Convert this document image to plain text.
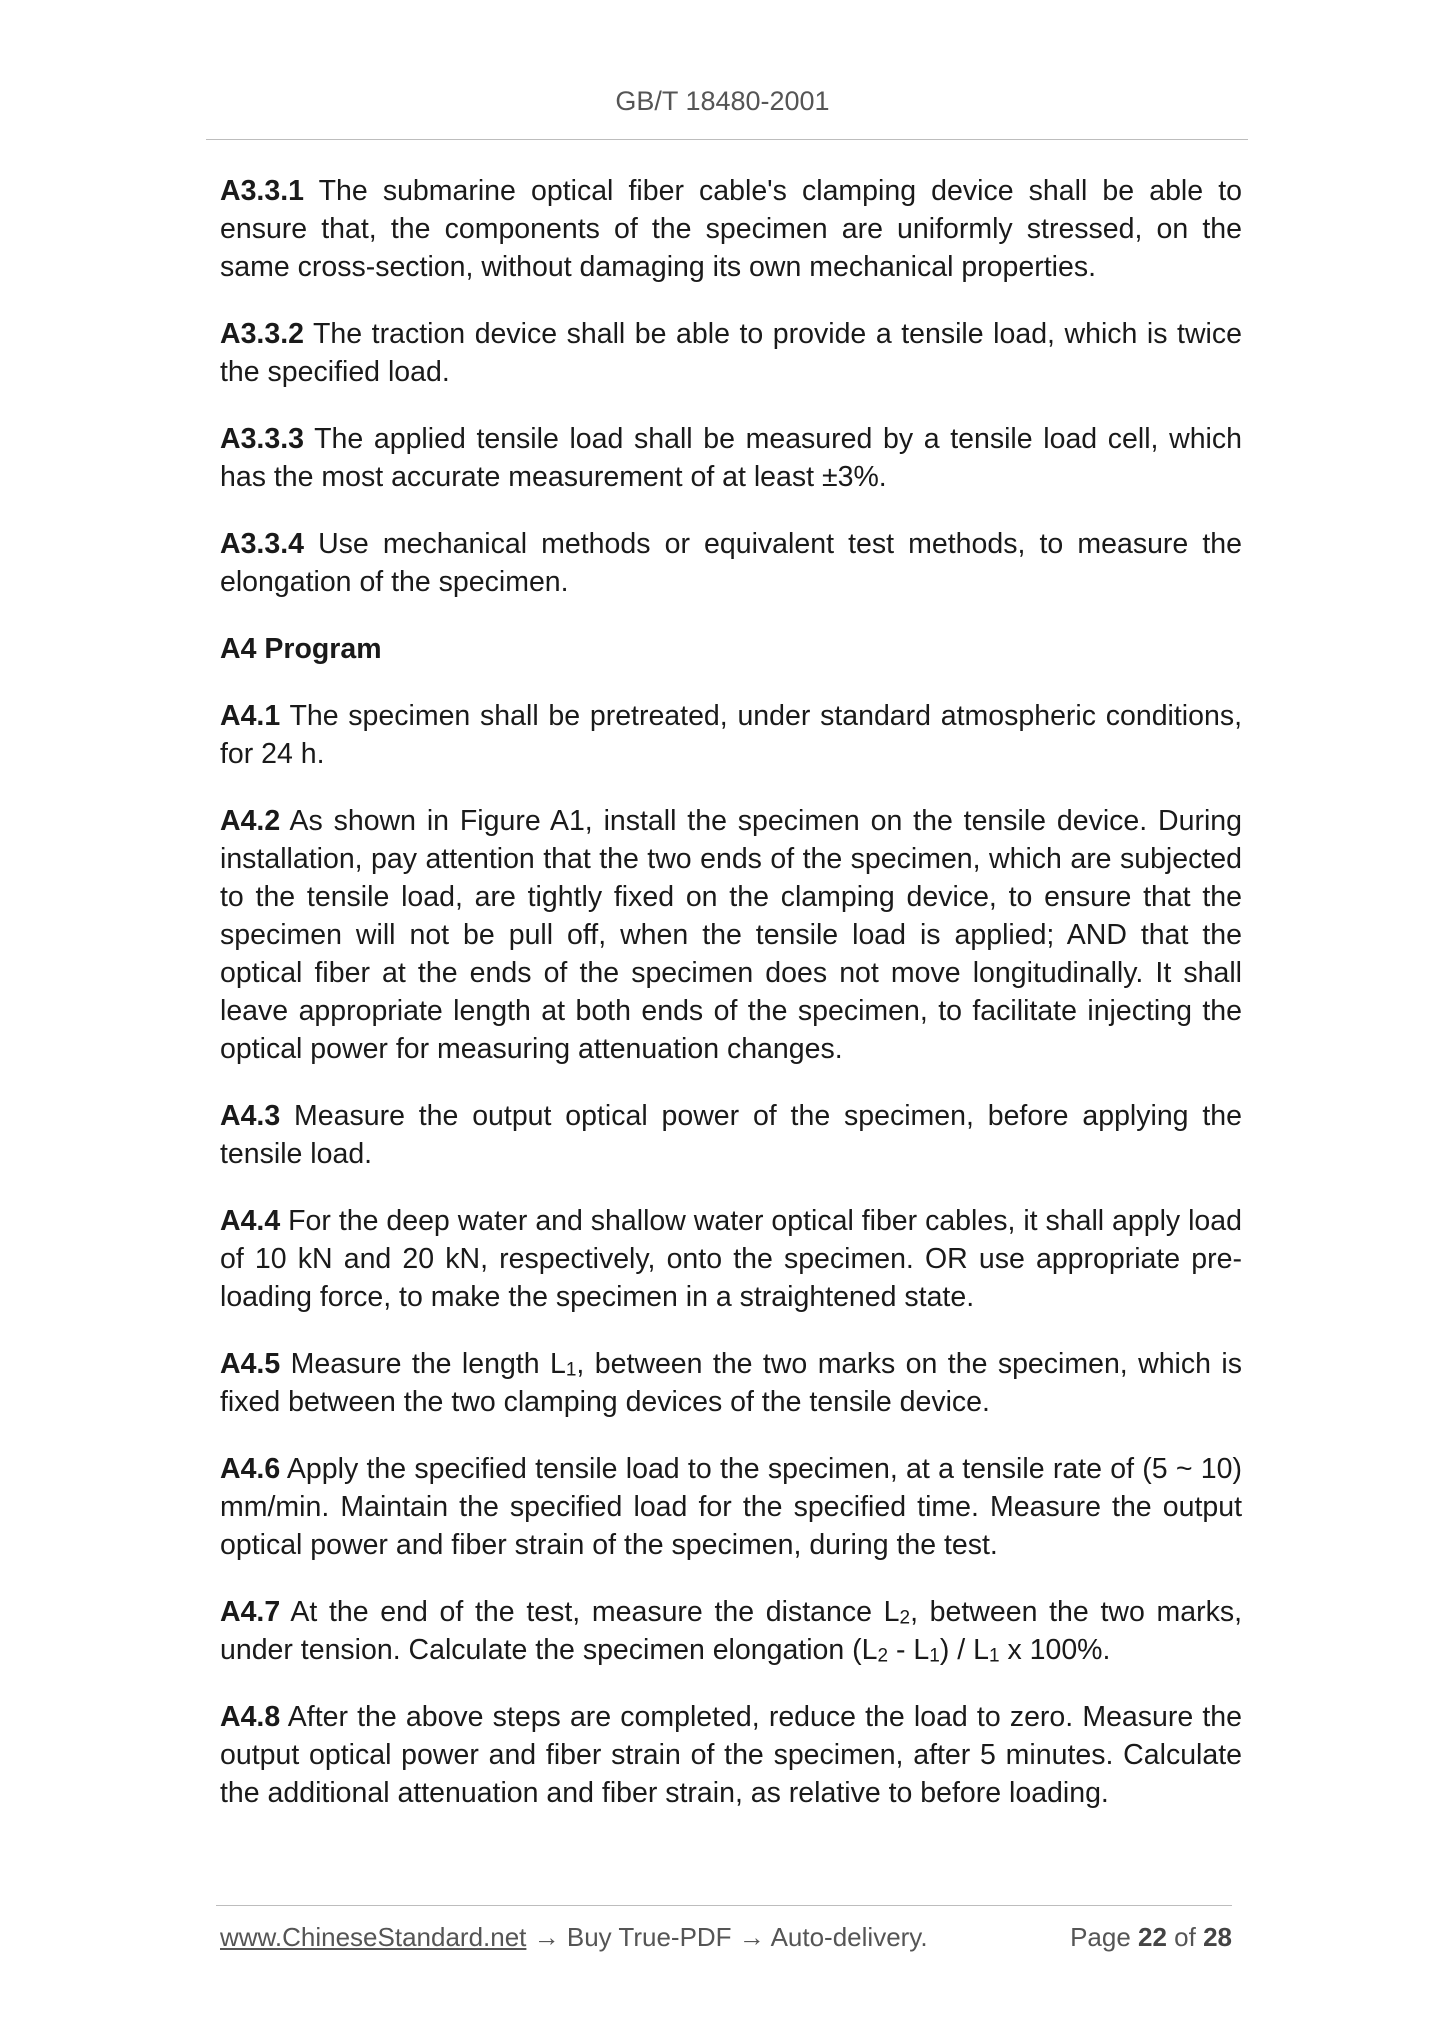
GB/T 18480-2001

A3.3.1 The submarine optical fiber cable's clamping device shall be able to ensure that, the components of the specimen are uniformly stressed, on the same cross-section, without damaging its own mechanical properties.

A3.3.2 The traction device shall be able to provide a tensile load, which is twice the specified load.

A3.3.3 The applied tensile load shall be measured by a tensile load cell, which has the most accurate measurement of at least ±3%.

A3.3.4 Use mechanical methods or equivalent test methods, to measure the elongation of the specimen.

A4 Program

A4.1 The specimen shall be pretreated, under standard atmospheric conditions, for 24 h.

A4.2 As shown in Figure A1, install the specimen on the tensile device. During installation, pay attention that the two ends of the specimen, which are subjected to the tensile load, are tightly fixed on the clamping device, to ensure that the specimen will not be pull off, when the tensile load is applied; AND that the optical fiber at the ends of the specimen does not move longitudinally. It shall leave appropriate length at both ends of the specimen, to facilitate injecting the optical power for measuring attenuation changes.

A4.3 Measure the output optical power of the specimen, before applying the tensile load.

A4.4 For the deep water and shallow water optical fiber cables, it shall apply load of 10 kN and 20 kN, respectively, onto the specimen. OR use appropriate pre-loading force, to make the specimen in a straightened state.

A4.5 Measure the length L1, between the two marks on the specimen, which is fixed between the two clamping devices of the tensile device.

A4.6 Apply the specified tensile load to the specimen, at a tensile rate of (5 ~ 10) mm/min. Maintain the specified load for the specified time. Measure the output optical power and fiber strain of the specimen, during the test.

A4.7 At the end of the test, measure the distance L2, between the two marks, under tension. Calculate the specimen elongation (L2 - L1) / L1 x 100%.

A4.8 After the above steps are completed, reduce the load to zero. Measure the output optical power and fiber strain of the specimen, after 5 minutes. Calculate the additional attenuation and fiber strain, as relative to before loading.

www.ChineseStandard.net → Buy True-PDF → Auto-delivery.	Page 22 of 28
